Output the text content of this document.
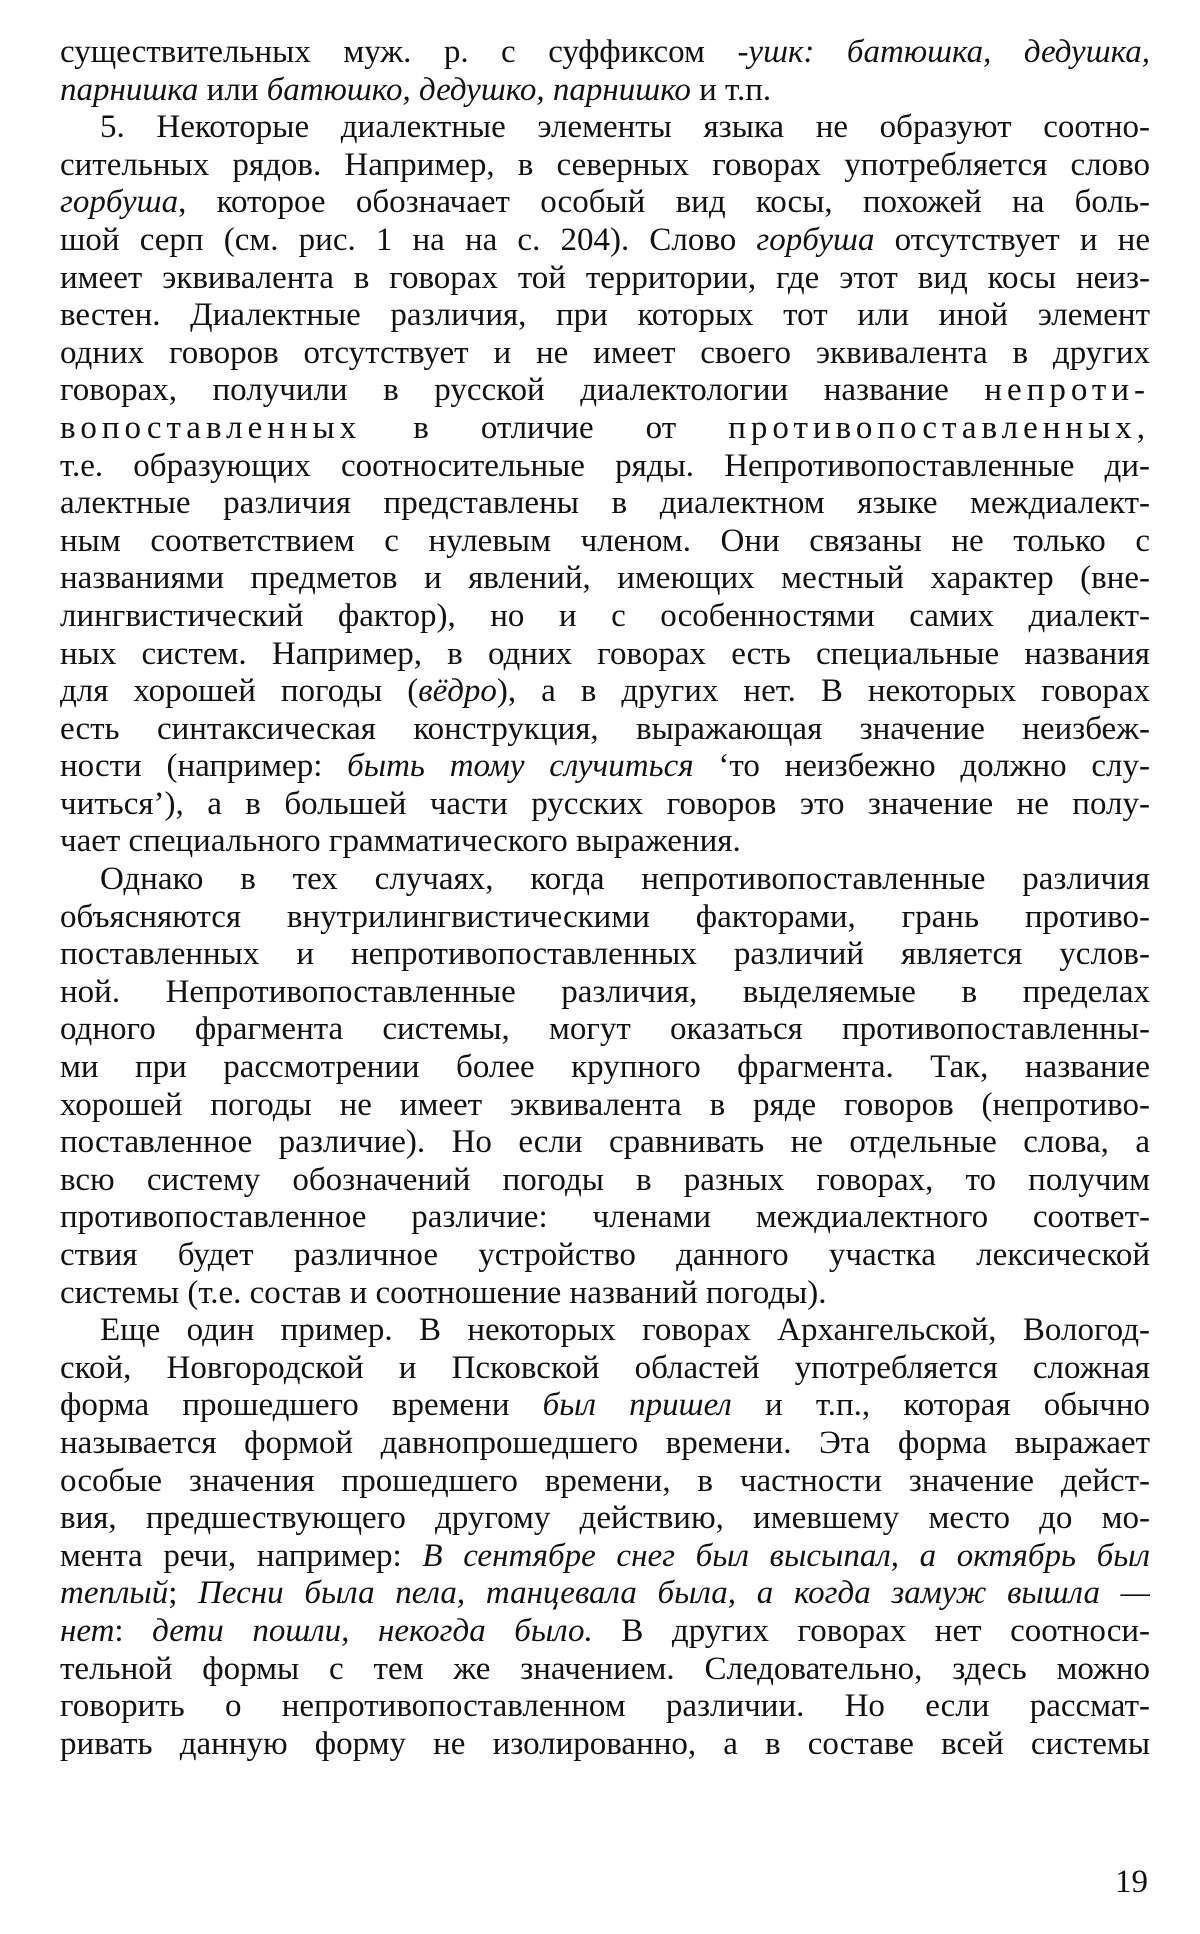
существительных муж. р. с суффиксом -ушк: батюшка, дедушка,
парнишка или батюшко, дедушко, парнишко и т.п.
5. Некоторые диалектные элементы языка не образуют соотно-
сительных рядов. Например, в северных говорах употребляется слово
горбуша, которое обозначает особый вид косы, похожей на боль-
шой серп (см. рис. 1 на на с. 204). Слово горбуша отсутствует и не
имеет эквивалента в говорах той территории, где этот вид косы неиз-
вестен. Диалектные различия, при которых тот или иной элемент
одних говоров отсутствует и не имеет своего эквивалента в других
говорах, получили в русской диалектологии название непроти-
вопоставленных в отличие от противопоставленных,
т.е. образующих соотносительные ряды. Непротивопоставленные ди-
алектные различия представлены в диалектном языке междиалект-
ным соответствием с нулевым членом. Они связаны не только с
названиями предметов и явлений, имеющих местный характер (вне-
лингвистический фактор), но и с особенностями самих диалект-
ных систем. Например, в одних говорах есть специальные названия
для хорошей погоды (вёдро), а в других нет. В некоторых говорах
есть синтаксическая конструкция, выражающая значение неизбеж-
ности (например: быть тому случиться ‘то неизбежно должно слу-
читься’), а в большей части русских говоров это значение не полу-
чает специального грамматического выражения.
Однако в тех случаях, когда непротивопоставленные различия
объясняются внутрилингвистическими факторами, грань противо-
поставленных и непротивопоставленных различий является услов-
ной. Непротивопоставленные различия, выделяемые в пределах
одного фрагмента системы, могут оказаться противопоставленны-
ми при рассмотрении более крупного фрагмента. Так, название
хорошей погоды не имеет эквивалента в ряде говоров (непротиво-
поставленное различие). Но если сравнивать не отдельные слова, а
всю систему обозначений погоды в разных говорах, то получим
противопоставленное различие: членами междиалектного соответ-
ствия будет различное устройство данного участка лексической
системы (т.е. состав и соотношение названий погоды).
Еще один пример. В некоторых говорах Архангельской, Вологод-
ской, Новгородской и Псковской областей употребляется сложная
форма прошедшего времени был пришел и т.п., которая обычно
называется формой давнопрошедшего времени. Эта форма выражает
особые значения прошедшего времени, в частности значение дейст-
вия, предшествующего другому действию, имевшему место до мо-
мента речи, например: В сентябре снег был высыпал, а октябрь был
теплый; Песни была пела, танцевала была, а когда замуж вышла —
нет: дети пошли, некогда было. В других говорах нет соотноси-
тельной формы с тем же значением. Следовательно, здесь можно
говорить о непротивопоставленном различии. Но если рассмат-
ривать данную форму не изолированно, а в составе всей системы
19
